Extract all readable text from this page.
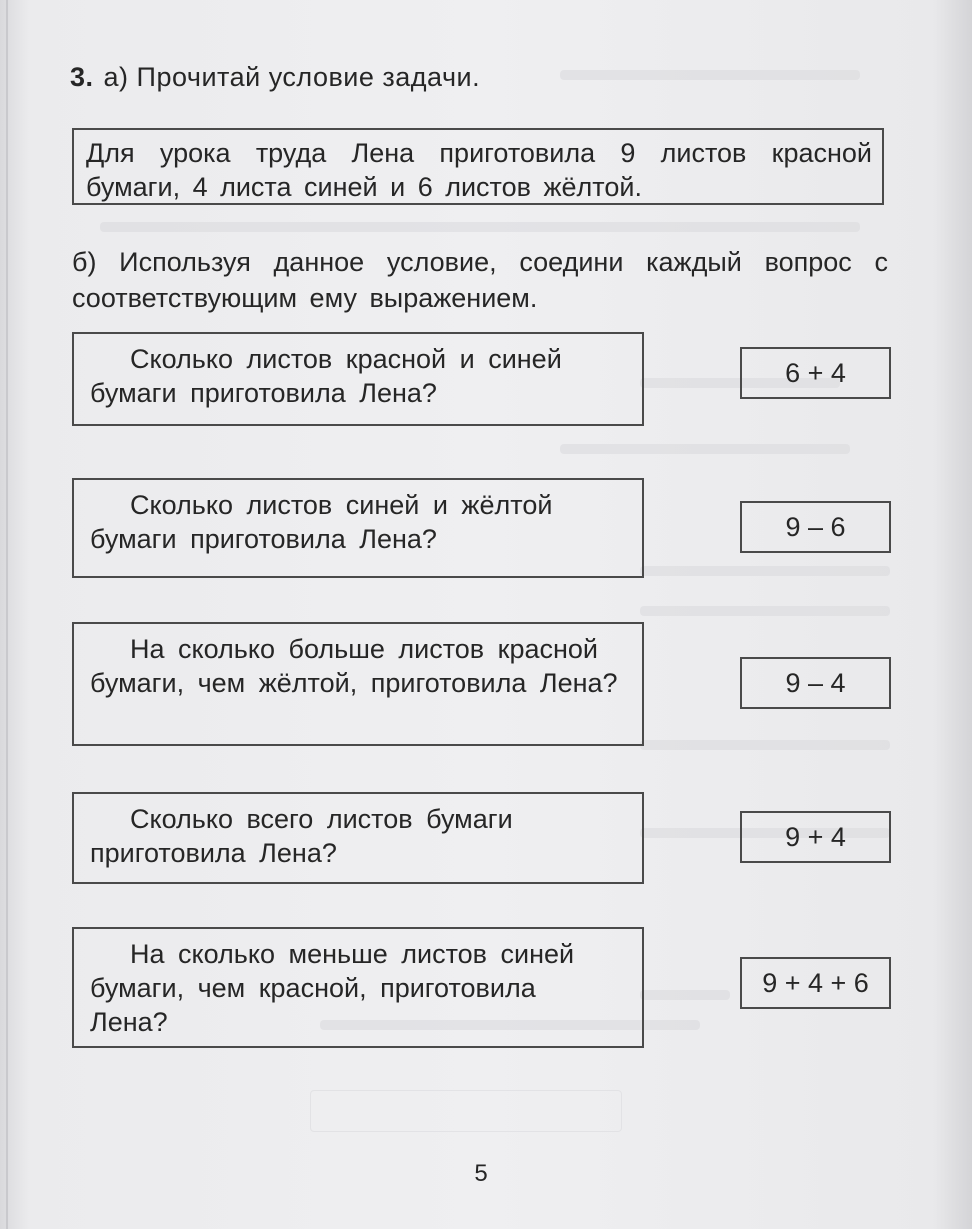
3. а) Прочитай условие задачи.
Для урока труда Лена приготовила 9 листов красной бумаги, 4 листа синей и 6 листов жёлтой.
б) Используя данное условие, соедини каждый вопрос с соответствующим ему выражением.
Сколько листов красной и синей бумаги приготовила Лена?
Сколько листов синей и жёлтой бумаги приготовила Лена?
На сколько больше листов красной бумаги, чем жёлтой, приготовила Лена?
Сколько всего листов бумаги приготовила Лена?
На сколько меньше листов синей бумаги, чем красной, приготовила Лена?
6 + 4
9 – 6
9 – 4
9 + 4
9 + 4 + 6
5
